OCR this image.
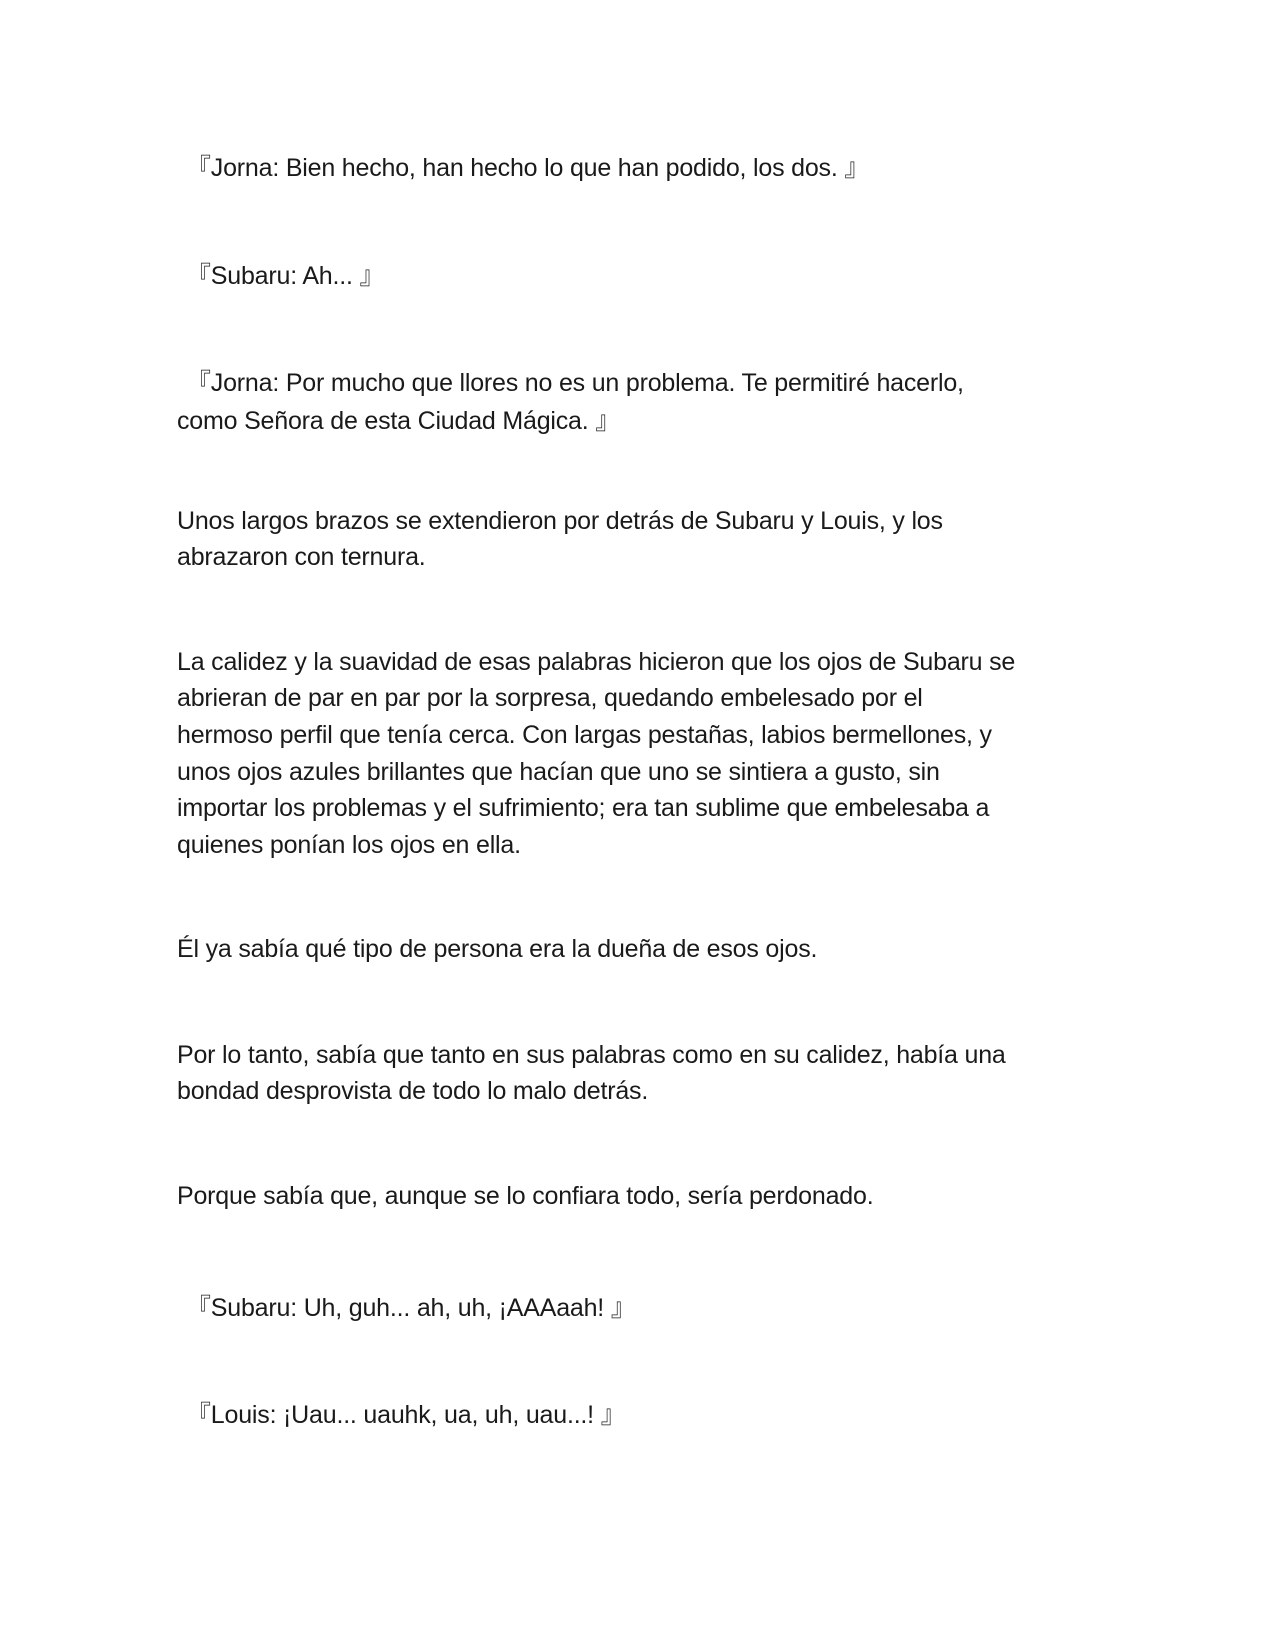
『Jorna: Bien hecho, han hecho lo que han podido, los dos. 』
『Subaru: Ah... 』
『Jorna: Por mucho que llores no es un problema. Te permitiré hacerlo,
como Señora de esta Ciudad Mágica. 』
Unos largos brazos se extendieron por detrás de Subaru y Louis, y los
abrazaron con ternura.
La calidez y la suavidad de esas palabras hicieron que los ojos de Subaru se
abrieran de par en par por la sorpresa, quedando embelesado por el
hermoso perfil que tenía cerca. Con largas pestañas, labios bermellones, y
unos ojos azules brillantes que hacían que uno se sintiera a gusto, sin
importar los problemas y el sufrimiento; era tan sublime que embelesaba a
quienes ponían los ojos en ella.
Él ya sabía qué tipo de persona era la dueña de esos ojos.
Por lo tanto, sabía que tanto en sus palabras como en su calidez, había una
bondad desprovista de todo lo malo detrás.
Porque sabía que, aunque se lo confiara todo, sería perdonado.
『Subaru: Uh, guh... ah, uh, ¡AAAaah! 』
『Louis: ¡Uau... uauhk, ua, uh, uau...! 』
